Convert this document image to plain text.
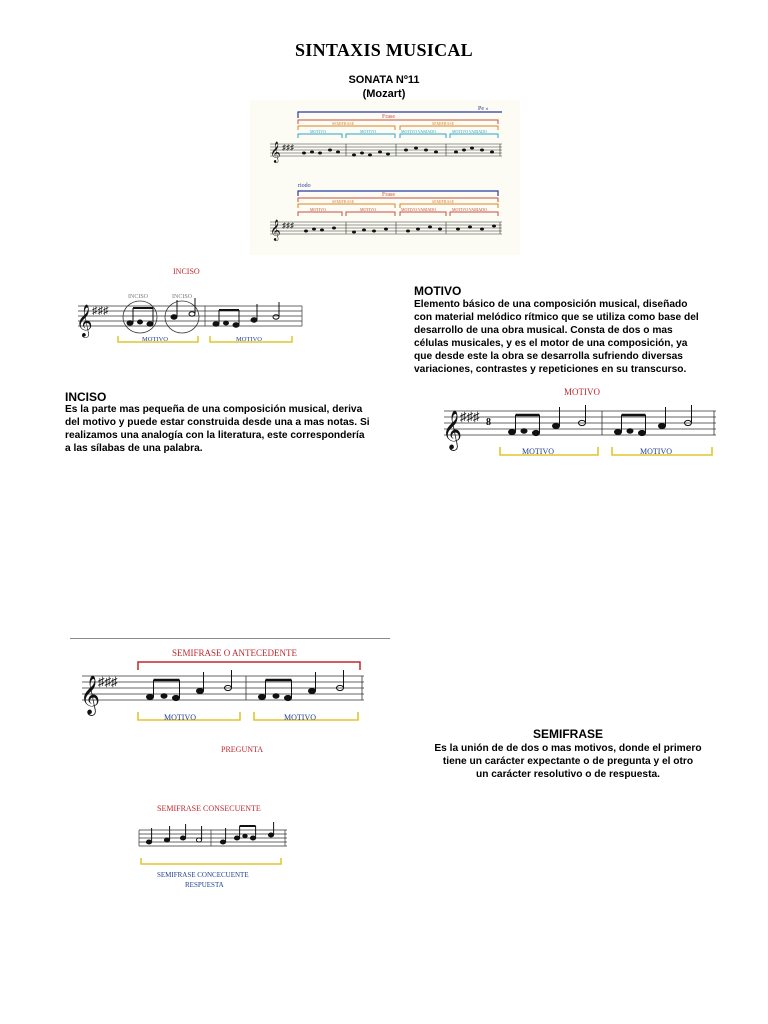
SINTAXIS MUSICAL
SONATA Nº11
(Mozart)
Pe »
Frase
SEMIFRASE	SEMIFRASE
MOTIVO	MOTIVO	MOTIVO VARIADO	MOTIVO VARIADO
𝄞 ♯♯♯
riodo
Frase
SEMIFRASE	SEMIFRASE
MOTIVO	MOTIVO	MOTIVO VARIADO	MOTIVO VARIADO
𝄞 ♯♯♯
INCISO
INCISO	INCISO
𝄞 ♯♯♯
MOTIVO	MOTIVO
MOTIVO
Elemento básico de una composición musical, diseñado
con material melódico rítmico que se utiliza como base del
desarrollo de una obra musical. Consta de dos o mas
células musicales, y es el motor de una composición, ya
que desde este la obra se desarrolla sufriendo diversas
variaciones, contrastes y repeticiones en su transcurso.
INCISO
Es la parte mas pequeña de una composición musical, deriva
del motivo y puede estar construida desde una a mas notas. Si
realizamos una analogía con la literatura, este correspondería
a las sílabas de una palabra.
MOTIVO
𝄞
♯♯♯ 8
MOTIVO	MOTIVO
SEMIFRASE O ANTECEDENTE
𝄞
♯♯♯
MOTIVO	MOTIVO
PREGUNTA
SEMIFRASE
Es la unión de de dos o mas motivos, donde el primero
tiene un carácter expectante o de pregunta y el otro
un carácter resolutivo o de respuesta.
SEMIFRASE CONSECUENTE
SEMIFRASE CONCECUENTE
RESPUESTA
